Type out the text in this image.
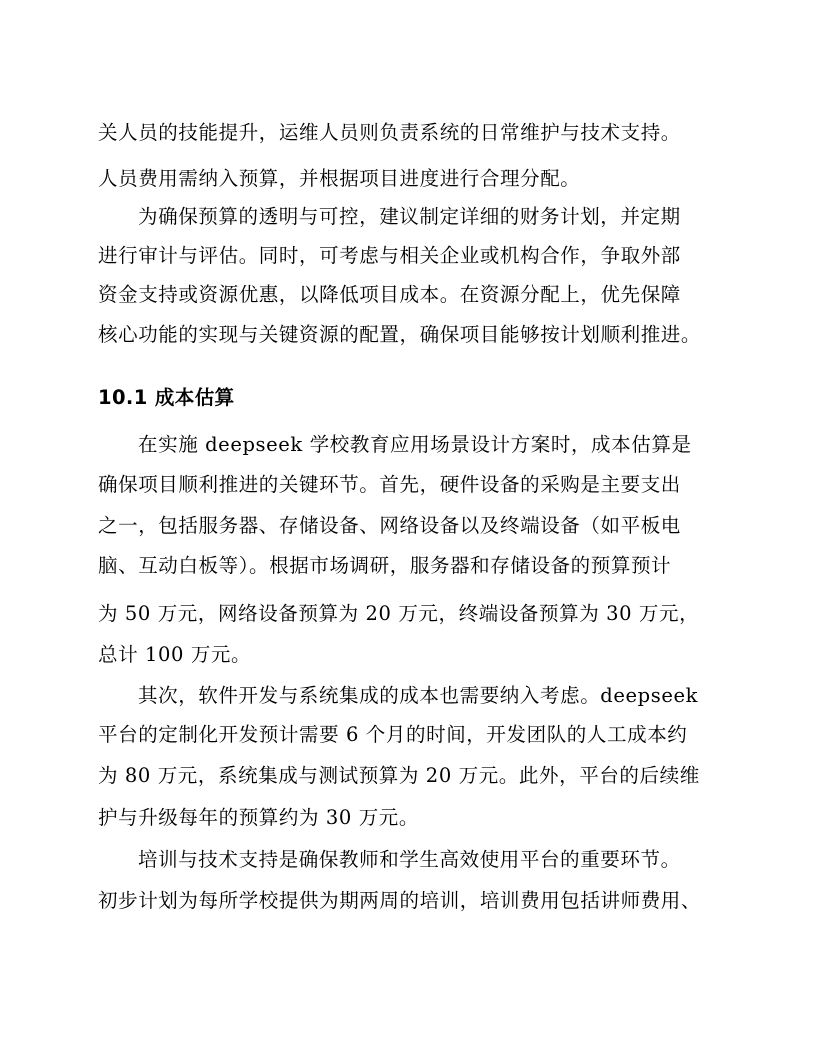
关人员的技能提升，运维人员则负责系统的日常维护与技术支持。
人员费用需纳入预算，并根据项目进度进行合理分配。
为确保预算的透明与可控，建议制定详细的财务计划，并定期
进行审计与评估。同时，可考虑与相关企业或机构合作，争取外部
资金支持或资源优惠，以降低项目成本。在资源分配上，优先保障
核心功能的实现与关键资源的配置，确保项目能够按计划顺利推进。
10.1 成本估算
在实施 deepseek 学校教育应用场景设计方案时，成本估算是
确保项目顺利推进的关键环节。首先，硬件设备的采购是主要支出
之一，包括服务器、存储设备、网络设备以及终端设备（如平板电
脑、互动白板等）。根据市场调研，服务器和存储设备的预算预计
为 50 万元，网络设备预算为 20 万元，终端设备预算为 30 万元，
总计 100 万元。
其次，软件开发与系统集成的成本也需要纳入考虑。deepseek
平台的定制化开发预计需要 6 个月的时间，开发团队的人工成本约
为 80 万元，系统集成与测试预算为 20 万元。此外，平台的后续维
护与升级每年的预算约为 30 万元。
培训与技术支持是确保教师和学生高效使用平台的重要环节。
初步计划为每所学校提供为期两周的培训，培训费用包括讲师费用、
